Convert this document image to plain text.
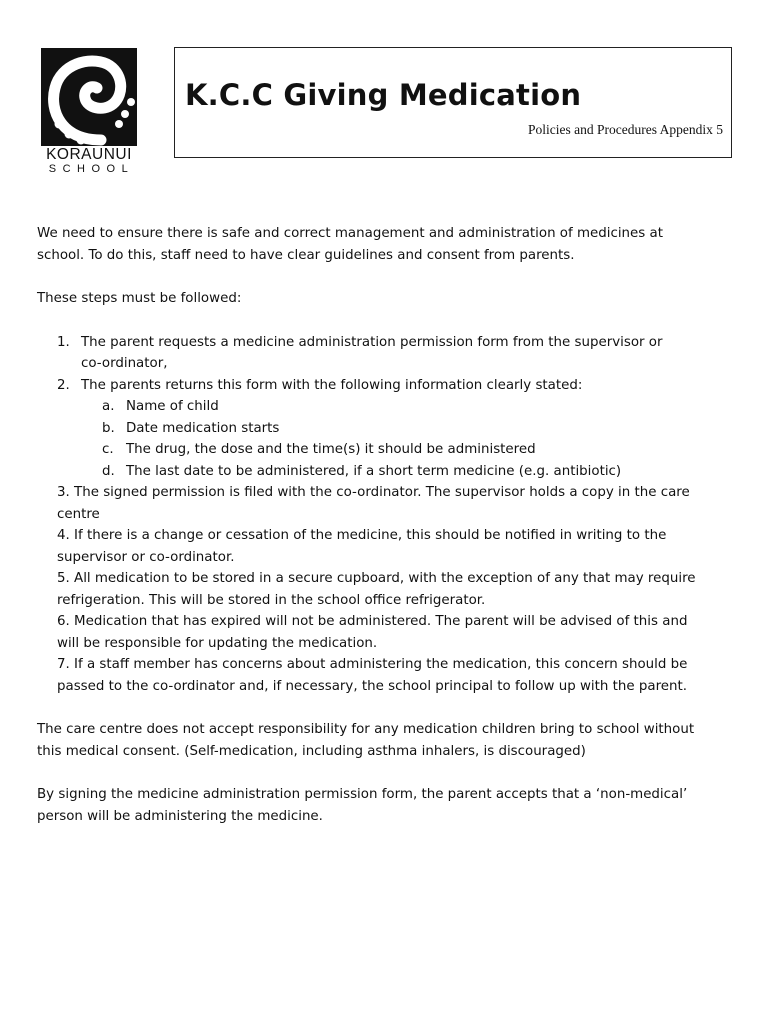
KORAUNUI
SCHOOL
K.C.C Giving Medication
Policies and Procedures Appendix 5

We need to ensure there is safe and correct management and administration of medicines at
school. To do this, staff need to have clear guidelines and consent from parents.

These steps must be followed:

1. The parent requests a medicine administration permission form from the supervisor or
co-ordinator,
2. The parents returns this form with the following information clearly stated:
a. Name of child
b. Date medication starts
c. The drug, the dose and the time(s) it should be administered
d. The last date to be administered, if a short term medicine (e.g. antibiotic)
3. The signed permission is filed with the co-ordinator. The supervisor holds a copy in the care
centre
4. If there is a change or cessation of the medicine, this should be notified in writing to the
supervisor or co-ordinator.
5. All medication to be stored in a secure cupboard, with the exception of any that may require
refrigeration. This will be stored in the school office refrigerator.
6. Medication that has expired will not be administered. The parent will be advised of this and
will be responsible for updating the medication.
7. If a staff member has concerns about administering the medication, this concern should be
passed to the co-ordinator and, if necessary, the school principal to follow up with the parent.

The care centre does not accept responsibility for any medication children bring to school without
this medical consent. (Self-medication, including asthma inhalers, is discouraged)

By signing the medicine administration permission form, the parent accepts that a ‘non-medical’
person will be administering the medicine.
